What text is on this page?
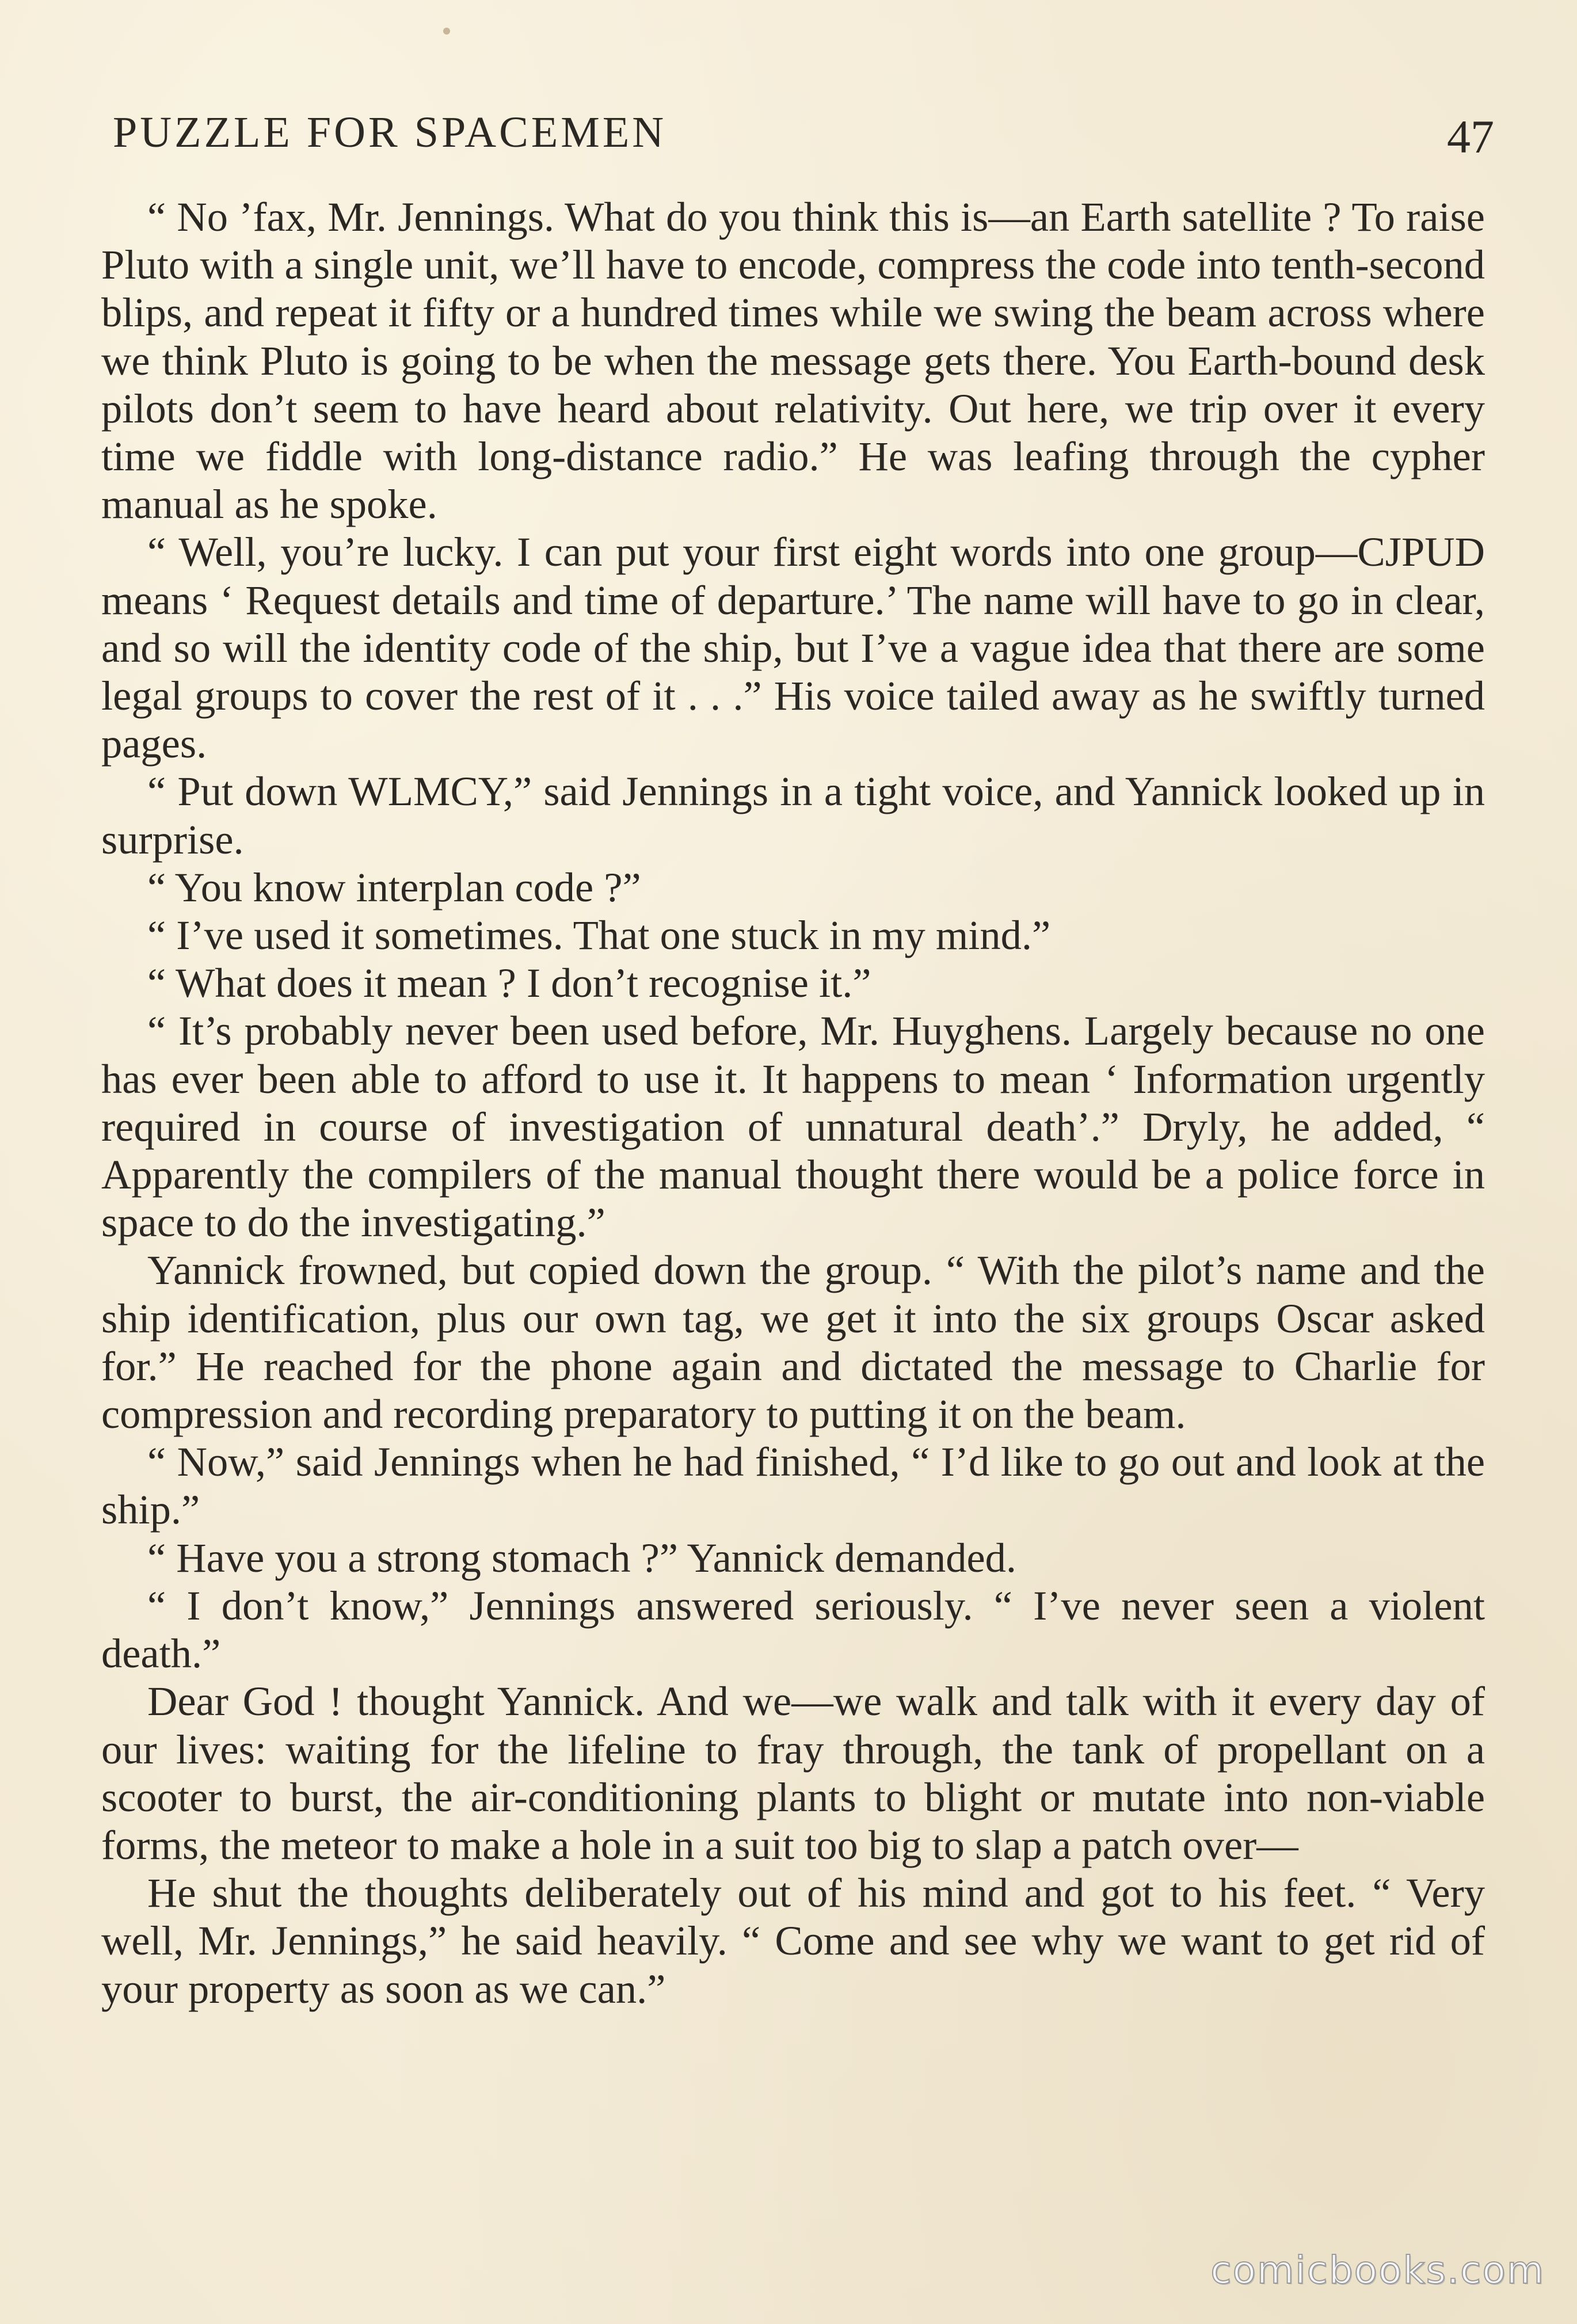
PUZZLE FOR SPACEMEN	47

“ No ’fax, Mr. Jennings. What do you think this is—an Earth satellite ? To raise Pluto with a single unit, we’ll have to encode, compress the code into tenth-second blips, and repeat it fifty or a hundred times while we swing the beam across where we think Pluto is going to be when the message gets there. You Earth-bound desk pilots don’t seem to have heard about relativity. Out here, we trip over it every time we fiddle with long-distance radio.” He was leafing through the cypher manual as he spoke.

“ Well, you’re lucky. I can put your first eight words into one group—CJPUD means ‘ Request details and time of departure.’ The name will have to go in clear, and so will the identity code of the ship, but I’ve a vague idea that there are some legal groups to cover the rest of it . . .” His voice tailed away as he swiftly turned pages.

“ Put down WLMCY,” said Jennings in a tight voice, and Yannick looked up in surprise.

“ You know interplan code ?”

“ I’ve used it sometimes. That one stuck in my mind.”

“ What does it mean ? I don’t recognise it.”

“ It’s probably never been used before, Mr. Huyghens. Largely because no one has ever been able to afford to use it. It happens to mean ‘ Information urgently required in course of investigation of unnatural death’.” Dryly, he added, “ Apparently the compilers of the manual thought there would be a police force in space to do the investigating.”

Yannick frowned, but copied down the group. “ With the pilot’s name and the ship identification, plus our own tag, we get it into the six groups Oscar asked for.” He reached for the phone again and dictated the message to Charlie for compression and recording preparatory to putting it on the beam.

“ Now,” said Jennings when he had finished, “ I’d like to go out and look at the ship.”

“ Have you a strong stomach ?” Yannick demanded.

“ I don’t know,” Jennings answered seriously. “ I’ve never seen a violent death.”

Dear God ! thought Yannick. And we—we walk and talk with it every day of our lives: waiting for the lifeline to fray through, the tank of propellant on a scooter to burst, the air-conditioning plants to blight or mutate into non-viable forms, the meteor to make a hole in a suit too big to slap a patch over—

He shut the thoughts deliberately out of his mind and got to his feet. “ Very well, Mr. Jennings,” he said heavily. “ Come and see why we want to get rid of your property as soon as we can.”

comicbooks.com
